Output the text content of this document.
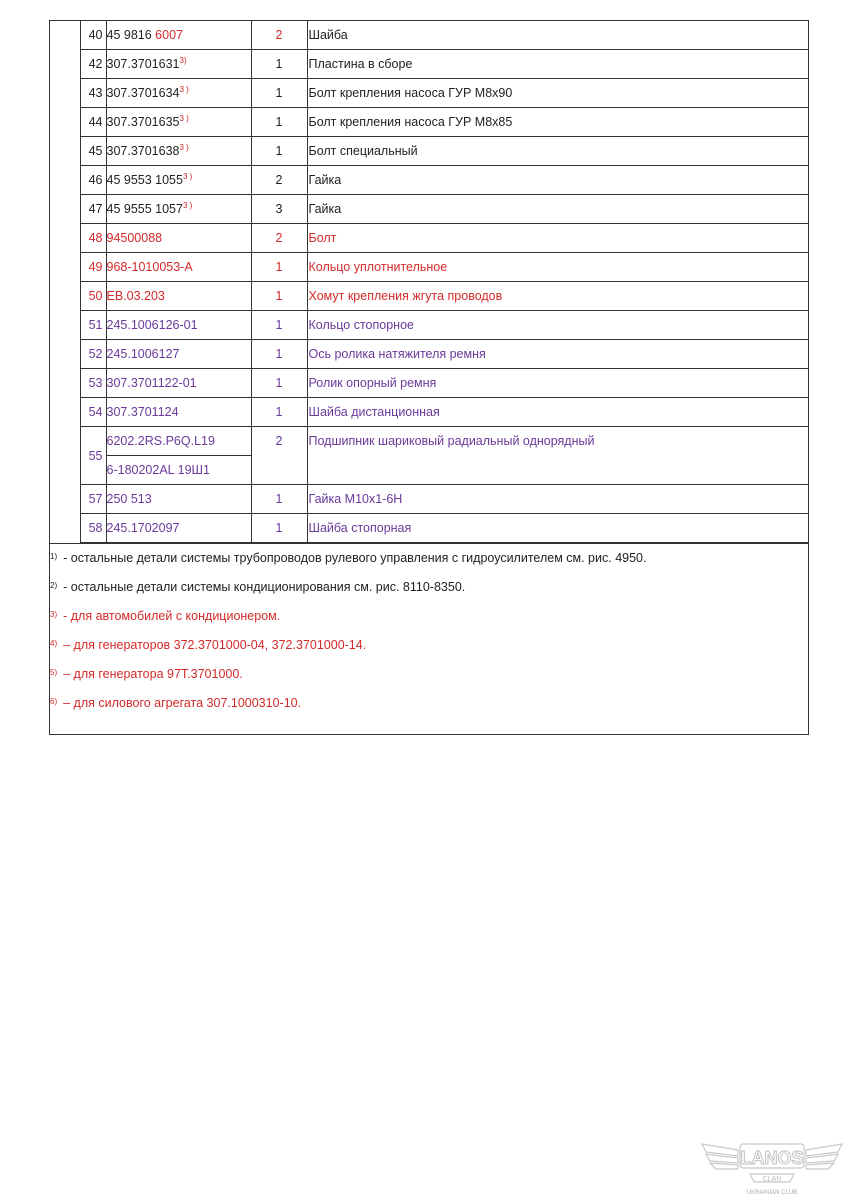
	40	45 9816 6007	2	Шайба
	42	307.3701631$^{3)}$	1	Пластина в сборе
	43	$307.3701634^{3 )}$	1	Болт крепления насоса ГУР М8х90
	44	$307.3701635^{3 )}$	1	Болт крепления насоса ГУР М8х85
	45	$307.3701638^{3 )}$	1	Болт специальный
	46	45 9553 $1055^{3 )}$	2	Гайка
	47	45 9555 $1057^{3 )}$	3	Гайка
	48	94500088	2	Болт
	49	968-1010053-А	1	Кольцо уплотнительное
	50	ЕВ.03.203	1	Хомут крепления жгута проводов
	51	245.1006126-01	1	Кольцо стопорное
	52	245.1006127	1	Ось ролика натяжителя ремня
	53	307.3701122-01	1	Ролик опорный ремня
	54	307.3701124	1	Шайба дистанционная
	55	6202.2RS.P6Q.L19	2	Подшипник шариковый радиальный однорядный
		6-180202AL 19Ш1		
	57	250 513	1	Гайка М10х1-6Н
	58	245.1702097	1	Шайба стопорная
$^{1)}$ - остальные детали системы трубопроводов рулевого управления с гидроусилителем см. рис. 4950.
$^{2)}$ - остальные детали системы кондиционирования см. рис. 8110-8350.
$^{3)}$ - для автомобилей с кондиционером.
$^{4)}$ – для генераторов 372.3701000-04, 372.3701000-14.
$^{5)}$ – для генератора 97Т.3701000.
$^{6)}$ – для силового агрегата 307.1000310-10.
LANOS
CLAN
UKRAINIAN CLUB
